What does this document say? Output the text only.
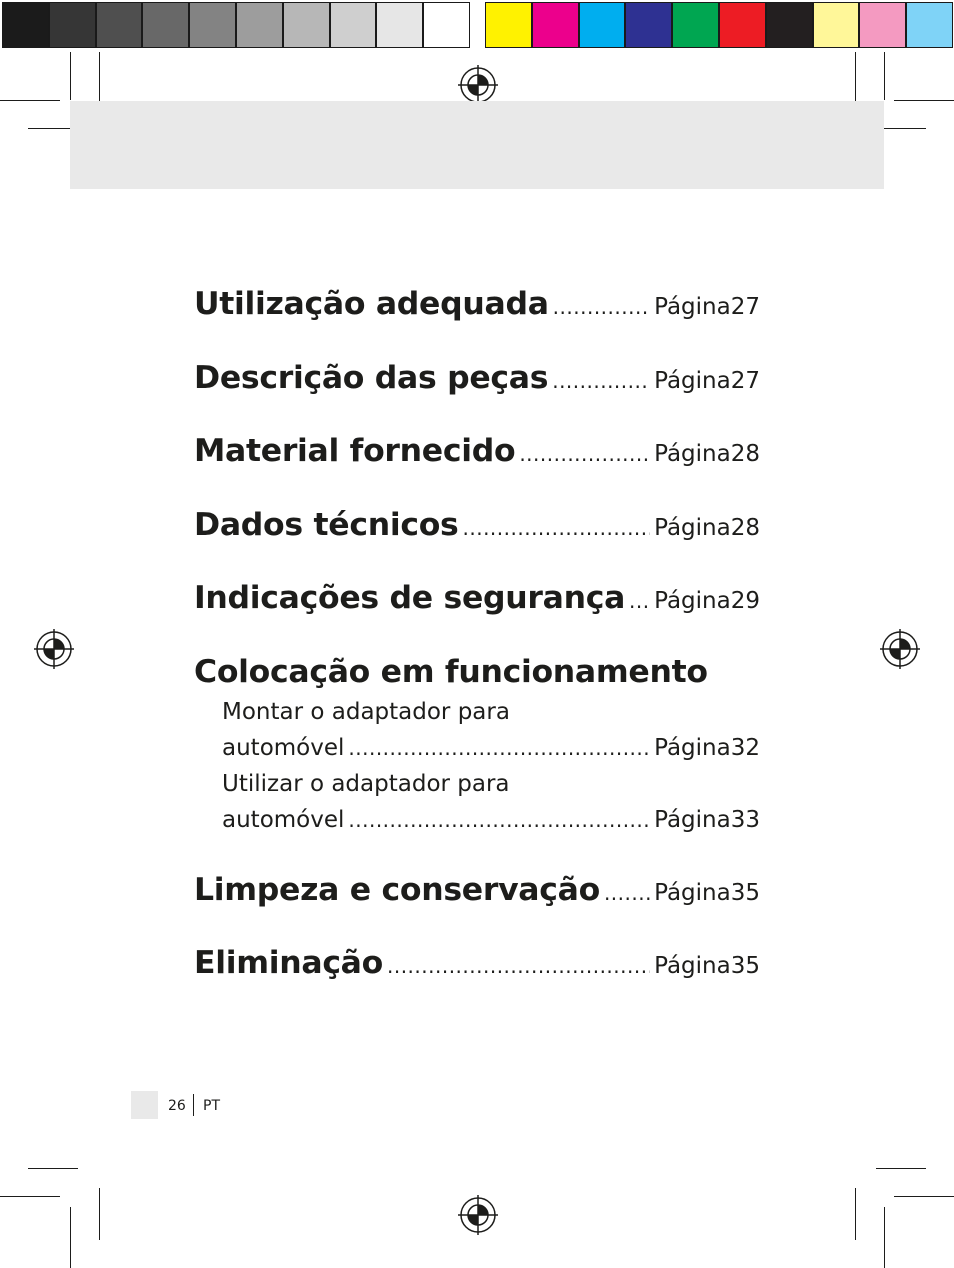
Utilização adequada .....	Página 27
Descrição das peças .....	Página 27
Material fornecido .....	Página 28
Dados técnicos .....	Página 28
Indicações de segurança ..... Página 29
Colocação em funcionamento
Montar o adaptador para
automóvel .....	Página 32
Utilizar o adaptador para
automóvel .....	Página 33
Limpeza e conservação ..... Página 35
Eliminação .....	Página 35
26 PT
